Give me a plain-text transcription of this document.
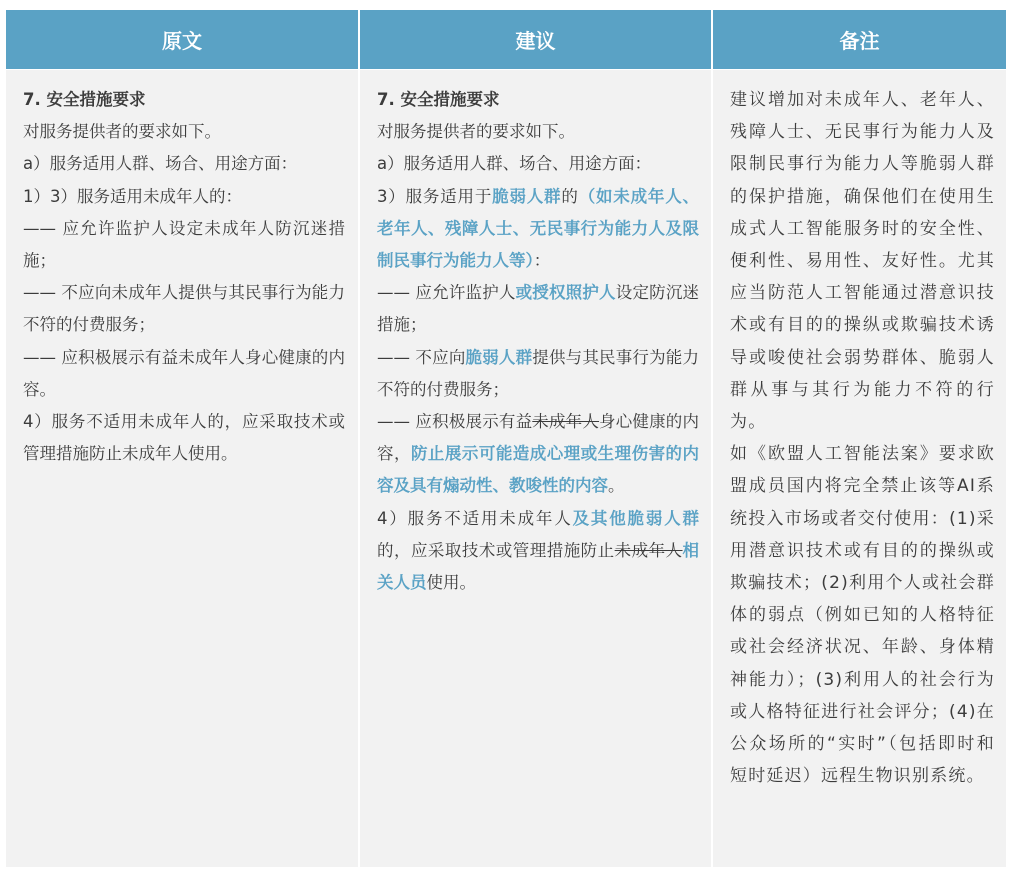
原文	建议	备注

7. 安全措施要求

对服务提供者的要求如下。

a）服务适用人群、场合、用途方面：

1）3）服务适用未成年人的：

—— 应允许监护人设定未成年人防沉迷措施；

—— 不应向未成年人提供与其民事行为能力不符的付费服务；

—— 应积极展示有益未成年人身心健康的内容。

4）服务不适用未成年人的，应采取技术或管理措施防止未成年人使用。

7. 安全措施要求

对服务提供者的要求如下。

a）服务适用人群、场合、用途方面：

3）服务适用于脆弱人群的（如未成年人、老年人、残障人士、无民事行为能力人及限制民事行为能力人等）：

—— 应允许监护人或授权照护人设定防沉迷措施；

—— 不应向脆弱人群提供与其民事行为能力不符的付费服务；

—— 应积极展示有益未成年人身心健康的内容，防止展示可能造成心理或生理伤害的内容及具有煽动性、教唆性的内容。

4）服务不适用未成年人及其他脆弱人群的，应采取技术或管理措施防止未成年人相关人员使用。

建议增加对未成年人、老年人、残障人士、无民事行为能力人及限制民事行为能力人等脆弱人群的保护措施，确保他们在使用生成式人工智能服务时的安全性、便利性、易用性、友好性。尤其应当防范人工智能通过潜意识技术或有目的的操纵或欺骗技术诱导或唆使社会弱势群体、脆弱人群从事与其行为能力不符的行为。

如《欧盟人工智能法案》要求欧盟成员国内将完全禁止该等AI系统投入市场或者交付使用：(1)采用潜意识技术或有目的的操纵或欺骗技术；(2)利用个人或社会群体的弱点（例如已知的人格特征或社会经济状况、年龄、身体精神能力）；(3)利用人的社会行为或人格特征进行社会评分；(4)在公众场所的“实时”（包括即时和短时延迟）远程生物识别系统。
